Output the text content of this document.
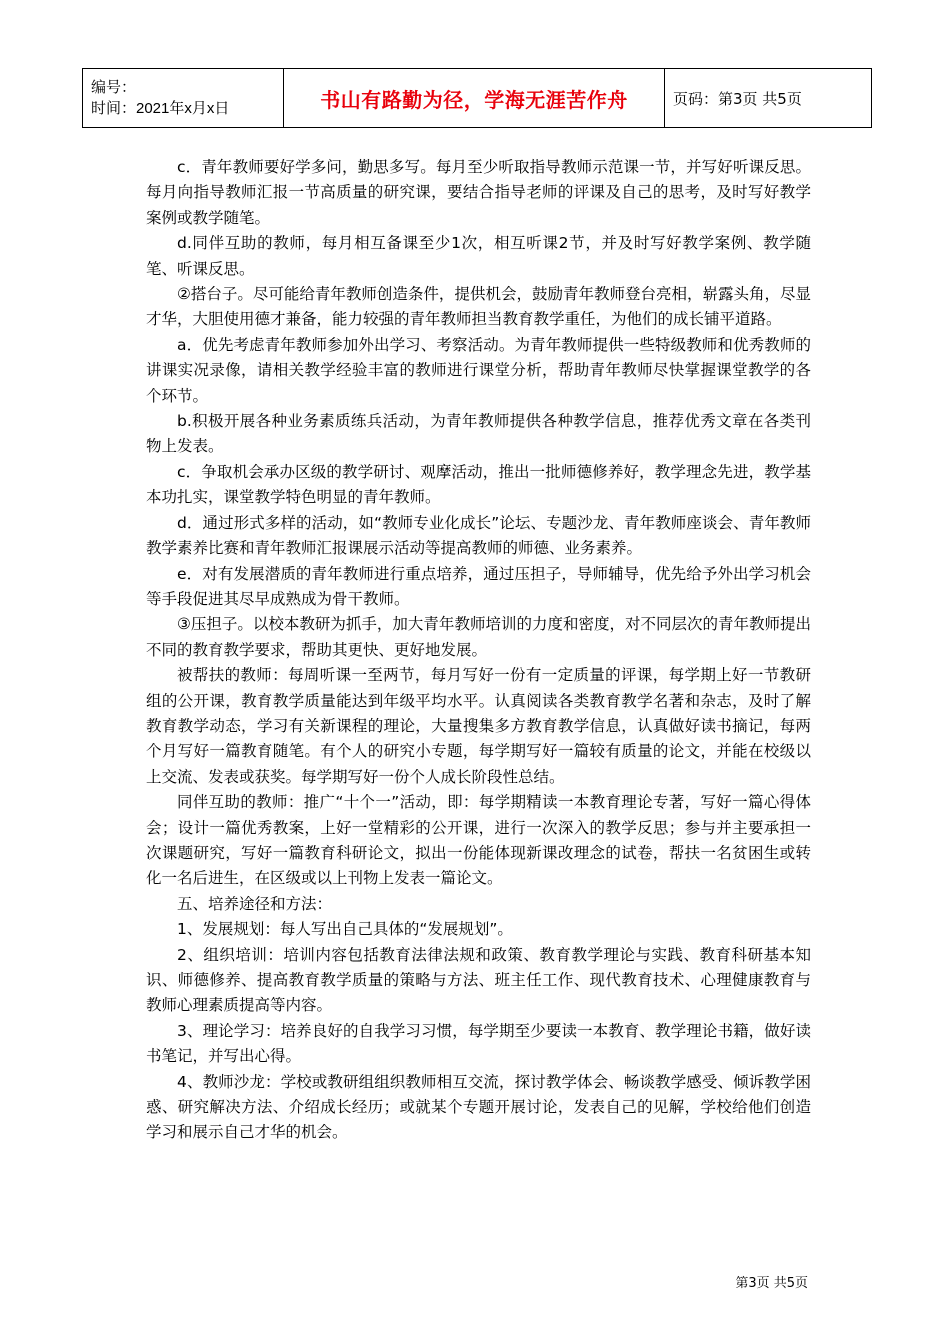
编号：
时间：2021年x月x日	书山有路勤为径，学海无涯苦作舟	页码：第3页 共5页

c．青年教师要好学多问，勤思多写。每月至少听取指导教师示范课一节，并写好听课反思。每月向指导教师汇报一节高质量的研究课，要结合指导老师的评课及自己的思考，及时写好教学案例或教学随笔。

d.同伴互助的教师，每月相互备课至少1次，相互听课2节，并及时写好教学案例、教学随笔、听课反思。

②搭台子。尽可能给青年教师创造条件，提供机会，鼓励青年教师登台亮相，崭露头角，尽显才华，大胆使用德才兼备，能力较强的青年教师担当教育教学重任，为他们的成长铺平道路。

a．优先考虑青年教师参加外出学习、考察活动。为青年教师提供一些特级教师和优秀教师的讲课实况录像，请相关教学经验丰富的教师进行课堂分析，帮助青年教师尽快掌握课堂教学的各个环节。

b.积极开展各种业务素质练兵活动，为青年教师提供各种教学信息，推荐优秀文章在各类刊物上发表。

c．争取机会承办区级的教学研讨、观摩活动，推出一批师德修养好，教学理念先进，教学基本功扎实，课堂教学特色明显的青年教师。

d．通过形式多样的活动，如“教师专业化成长”论坛、专题沙龙、青年教师座谈会、青年教师教学素养比赛和青年教师汇报课展示活动等提高教师的师德、业务素养。

e．对有发展潜质的青年教师进行重点培养，通过压担子，导师辅导，优先给予外出学习机会等手段促进其尽早成熟成为骨干教师。

③压担子。以校本教研为抓手，加大青年教师培训的力度和密度，对不同层次的青年教师提出不同的教育教学要求，帮助其更快、更好地发展。

被帮扶的教师：每周听课一至两节，每月写好一份有一定质量的评课，每学期上好一节教研组的公开课，教育教学质量能达到年级平均水平。认真阅读各类教育教学名著和杂志，及时了解教育教学动态，学习有关新课程的理论，大量搜集多方教育教学信息，认真做好读书摘记，每两个月写好一篇教育随笔。有个人的研究小专题，每学期写好一篇较有质量的论文，并能在校级以上交流、发表或获奖。每学期写好一份个人成长阶段性总结。

同伴互助的教师：推广“十个一”活动，即：每学期精读一本教育理论专著，写好一篇心得体会；设计一篇优秀教案，上好一堂精彩的公开课，进行一次深入的教学反思；参与并主要承担一次课题研究，写好一篇教育科研论文，拟出一份能体现新课改理念的试卷，帮扶一名贫困生或转化一名后进生，在区级或以上刊物上发表一篇论文。

五、培养途径和方法：

1、发展规划：每人写出自己具体的“发展规划”。

2、组织培训：培训内容包括教育法律法规和政策、教育教学理论与实践、教育科研基本知识、师德修养、提高教育教学质量的策略与方法、班主任工作、现代教育技术、心理健康教育与教师心理素质提高等内容。

3、理论学习：培养良好的自我学习习惯，每学期至少要读一本教育、教学理论书籍，做好读书笔记，并写出心得。

4、教师沙龙：学校或教研组组织教师相互交流，探讨教学体会、畅谈教学感受、倾诉教学困惑、研究解决方法、介绍成长经历；或就某个专题开展讨论，发表自己的见解，学校给他们创造学习和展示自己才华的机会。

第3页 共5页
